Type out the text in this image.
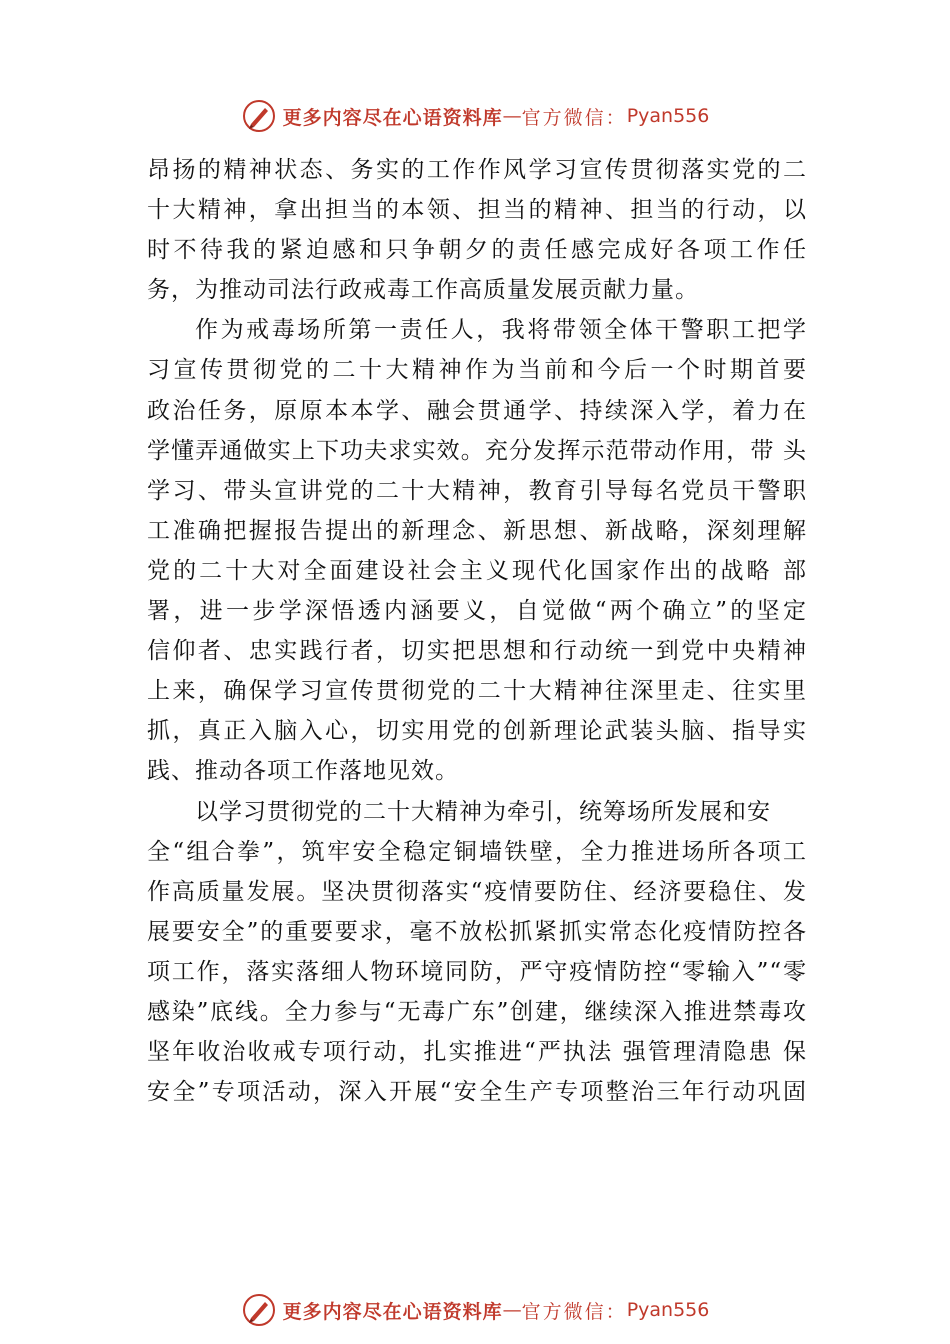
更多内容尽在心语资料库 — 官方微信： Pyan556
昂扬的精神状态、务实的工作作风学习宣传贯彻落实党的二
十大精神，拿出担当的本领、担当的精神、担当的行动，以
时不待我的紧迫感和只争朝夕的责任感完成好各项工作任
务，为推动司法行政戒毒工作高质量发展贡献力量。
作为戒毒场所第一责任人，我将带领全体干警职工把学
习宣传贯彻党的二十大精神作为当前和今后一个时期首要
政治任务，原原本本学、融会贯通学、持续深入学，着力在
学懂弄通做实上下功夫求实效。充分发挥示范带动作用，带 头
学习、带头宣讲党的二十大精神，教育引导每名党员干警职
工准确把握报告提出的新理念、新思想、新战略，深刻理解
党的二十大对全面建设社会主义现代化国家作出的战略 部
署，进一步学深悟透内涵要义，自觉做“两个确立”的坚定
信仰者、忠实践行者，切实把思想和行动统一到党中央精神
上来，确保学习宣传贯彻党的二十大精神往深里走、往实里
抓，真正入脑入心，切实用党的创新理论武装头脑、指导实
践、推动各项工作落地见效。
以学习贯彻党的二十大精神为牵引，统筹场所发展和安
全“组合拳”，筑牢安全稳定铜墙铁壁，全力推进场所各项工
作高质量发展。坚决贯彻落实“疫情要防住、经济要稳住、发
展要安全”的重要要求，毫不放松抓紧抓实常态化疫情防控各
项工作，落实落细人物环境同防，严守疫情防控“零输入”“零
感染”底线。全力参与“无毒广东”创建，继续深入推进禁毒攻
坚年收治收戒专项行动，扎实推进“严执法 强管理清隐患 保
安全”专项活动，深入开展“安全生产专项整治三年行动巩固
更多内容尽在心语资料库 — 官方微信： Pyan556
